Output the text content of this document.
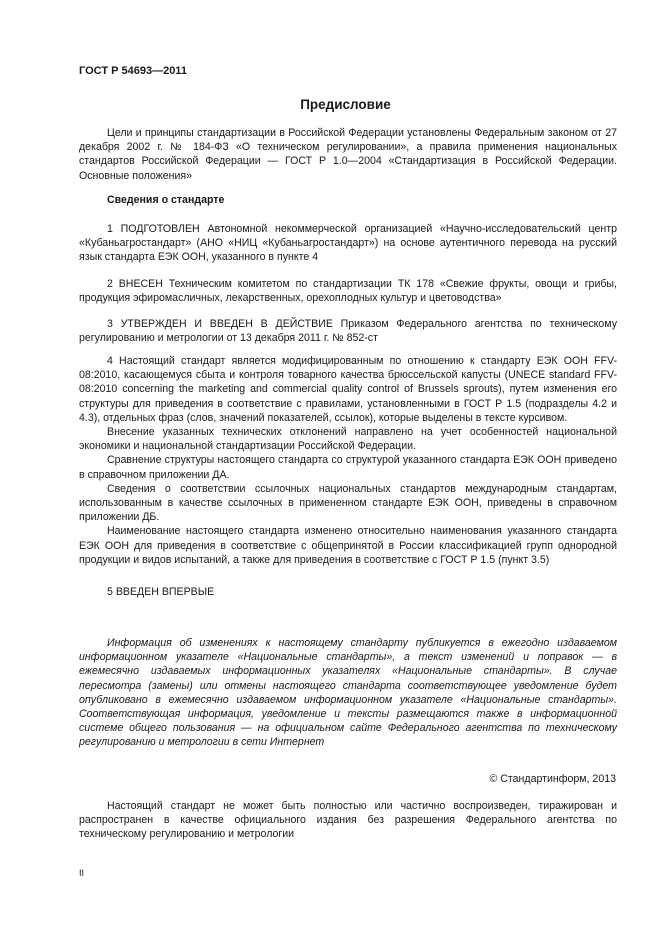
ГОСТ Р 54693—2011
Предисловие

Цели и принципы стандартизации в Российской Федерации установлены Федеральным законом от 27 декабря 2002 г. № 184-ФЗ «О техническом регулировании», а правила применения национальных стандартов Российской Федерации — ГОСТ Р 1.0—2004 «Стандартизация в Российской Федерации. Основные положения»

Сведения о стандарте

1 ПОДГОТОВЛЕН Автономной некоммерческой организацией «Научно-исследовательский центр «Кубаньагростандарт» (АНО «НИЦ «Кубаньагростандарт») на основе аутентичного перевода на русский язык стандарта ЕЭК ООН, указанного в пункте 4

2 ВНЕСЕН Техническим комитетом по стандартизации ТК 178 «Свежие фрукты, овощи и грибы, продукция эфиромасличных, лекарственных, орехоплодных культур и цветоводства»

3 УТВЕРЖДЕН И ВВЕДЕН В ДЕЙСТВИЕ Приказом Федерального агентства по техническому регулированию и метрологии от 13 декабря 2011 г. № 852-ст

4 Настоящий стандарт является модифицированным по отношению к стандарту ЕЭК ООН FFV-08:2010, касающемуся сбыта и контроля товарного качества брюссельской капусты (UNECE standard FFV-08:2010 concerning the marketing and commercial quality control of Brussels sprouts), путем изменения его структуры для приведения в соответствие с правилами, установленными в ГОСТ Р 1.5 (подразделы 4.2 и 4.3), отдельных фраз (слов, значений показателей, ссылок), которые выделены в тексте курсивом.

Внесение указанных технических отклонений направлено на учет особенностей национальной экономики и национальной стандартизации Российской Федерации.

Сравнение структуры настоящего стандарта со структурой указанного стандарта ЕЭК ООН приведено в справочном приложении ДА.

Сведения о соответствии ссылочных национальных стандартов международным стандартам, использованным в качестве ссылочных в примененном стандарте ЕЭК ООН, приведены в справочном приложении ДБ.

Наименование настоящего стандарта изменено относительно наименования указанного стандарта ЕЭК ООН для приведения в соответствие с общепринятой в России классификацией групп однородной продукции и видов испытаний, а также для приведения в соответствие с ГОСТ Р 1.5 (пункт 3.5)

5 ВВЕДЕН ВПЕРВЫЕ

Информация об изменениях к настоящему стандарту публикуется в ежегодно издаваемом информационном указателе «Национальные стандарты», а текст изменений и поправок — в ежемесячно издаваемых информационных указателях «Национальные стандарты». В случае пересмотра (замены) или отмены настоящего стандарта соответствующее уведомление будет опубликовано в ежемесячно издаваемом информационном указателе «Национальные стандарты». Соответствующая информация, уведомление и тексты размещаются также в информационной системе общего пользования — на официальном сайте Федерального агентства по техническому регулированию и метрологии в сети Интернет

© Стандартинформ, 2013

Настоящий стандарт не может быть полностью или частично воспроизведен, тиражирован и распространен в качестве официального издания без разрешения Федерального агентства по техническому регулированию и метрологии

II
